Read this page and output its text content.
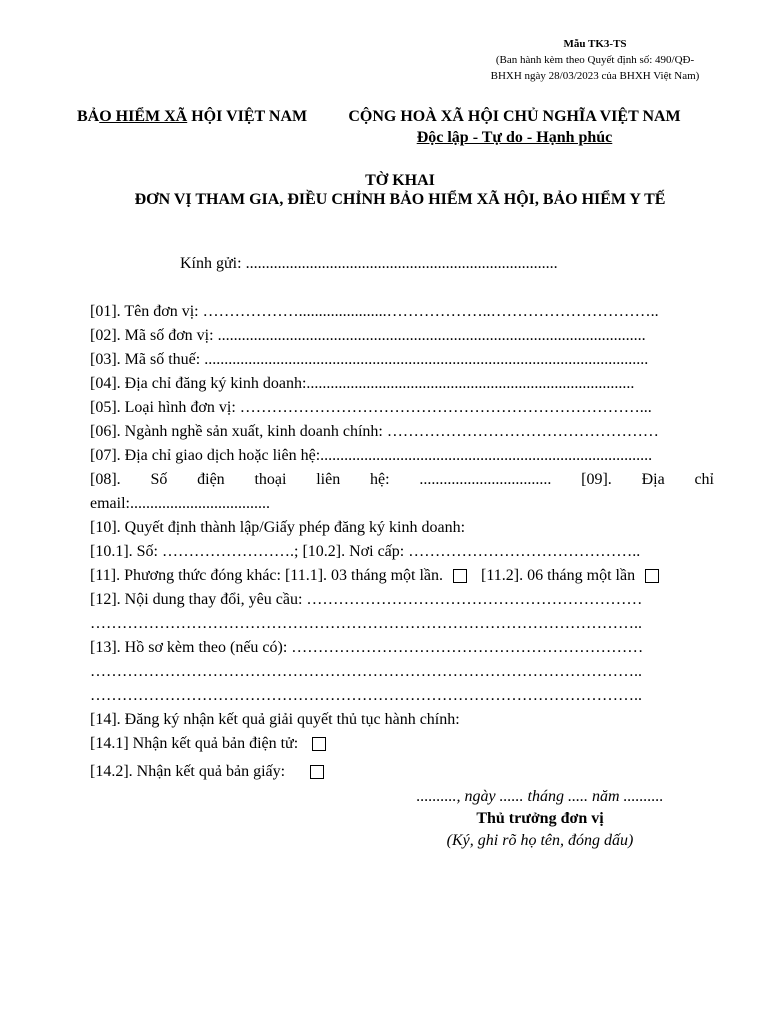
Mẫu TK3-TS
(Ban hành kèm theo Quyết định số: 490/QĐ-
BHXH ngày 28/03/2023 của BHXH Việt Nam)
BẢO HIỂM XÃ HỘI VIỆT NAM	CỘNG HOÀ XÃ HỘI CHỦ NGHĨA VIỆT NAM
Độc lập - Tự do - Hạnh phúc
TỜ KHAI
ĐƠN VỊ THAM GIA, ĐIỀU CHỈNH BẢO HIỂM XÃ HỘI, BẢO HIỂM Y TẾ
Kính gửi: ..............................................................................
[01]. Tên đơn vị: ………………......................………………..…………………………..
[02]. Mã số đơn vị: ...........................................................................................................
[03]. Mã số thuế: ...............................................................................................................
[04]. Địa chỉ đăng ký kinh doanh:..................................................................................
[05]. Loại hình đơn vị: …………………………………………………………………...
[06]. Ngành nghề sản xuất, kinh doanh chính: ……………………………………………
[07]. Địa chỉ giao dịch hoặc liên hệ:...................................................................................
[08]. Số điện thoại liên hệ: ................................. [09]. Địa chỉ
email:...................................
[10]. Quyết định thành lập/Giấy phép đăng ký kinh doanh:
[10.1]. Số: …………………….; [10.2]. Nơi cấp: ……………………………………..
[11]. Phương thức đóng khác: [11.1]. 03 tháng một lần. [11.2]. 06 tháng một lần
[12]. Nội dung thay đổi, yêu cầu: ………………………………………………………
…………………………………………………………………………………………..
[13]. Hồ sơ kèm theo (nếu có): …………………………………………………………
…………………………………………………………………………………………..
…………………………………………………………………………………………..
[14]. Đăng ký nhận kết quả giải quyết thủ tục hành chính:
[14.1] Nhận kết quả bản điện tử:
[14.2]. Nhận kết quả bản giấy:
.........., ngày ...... tháng ..... năm ..........
Thủ trưởng đơn vị
(Ký, ghi rõ họ tên, đóng dấu)
